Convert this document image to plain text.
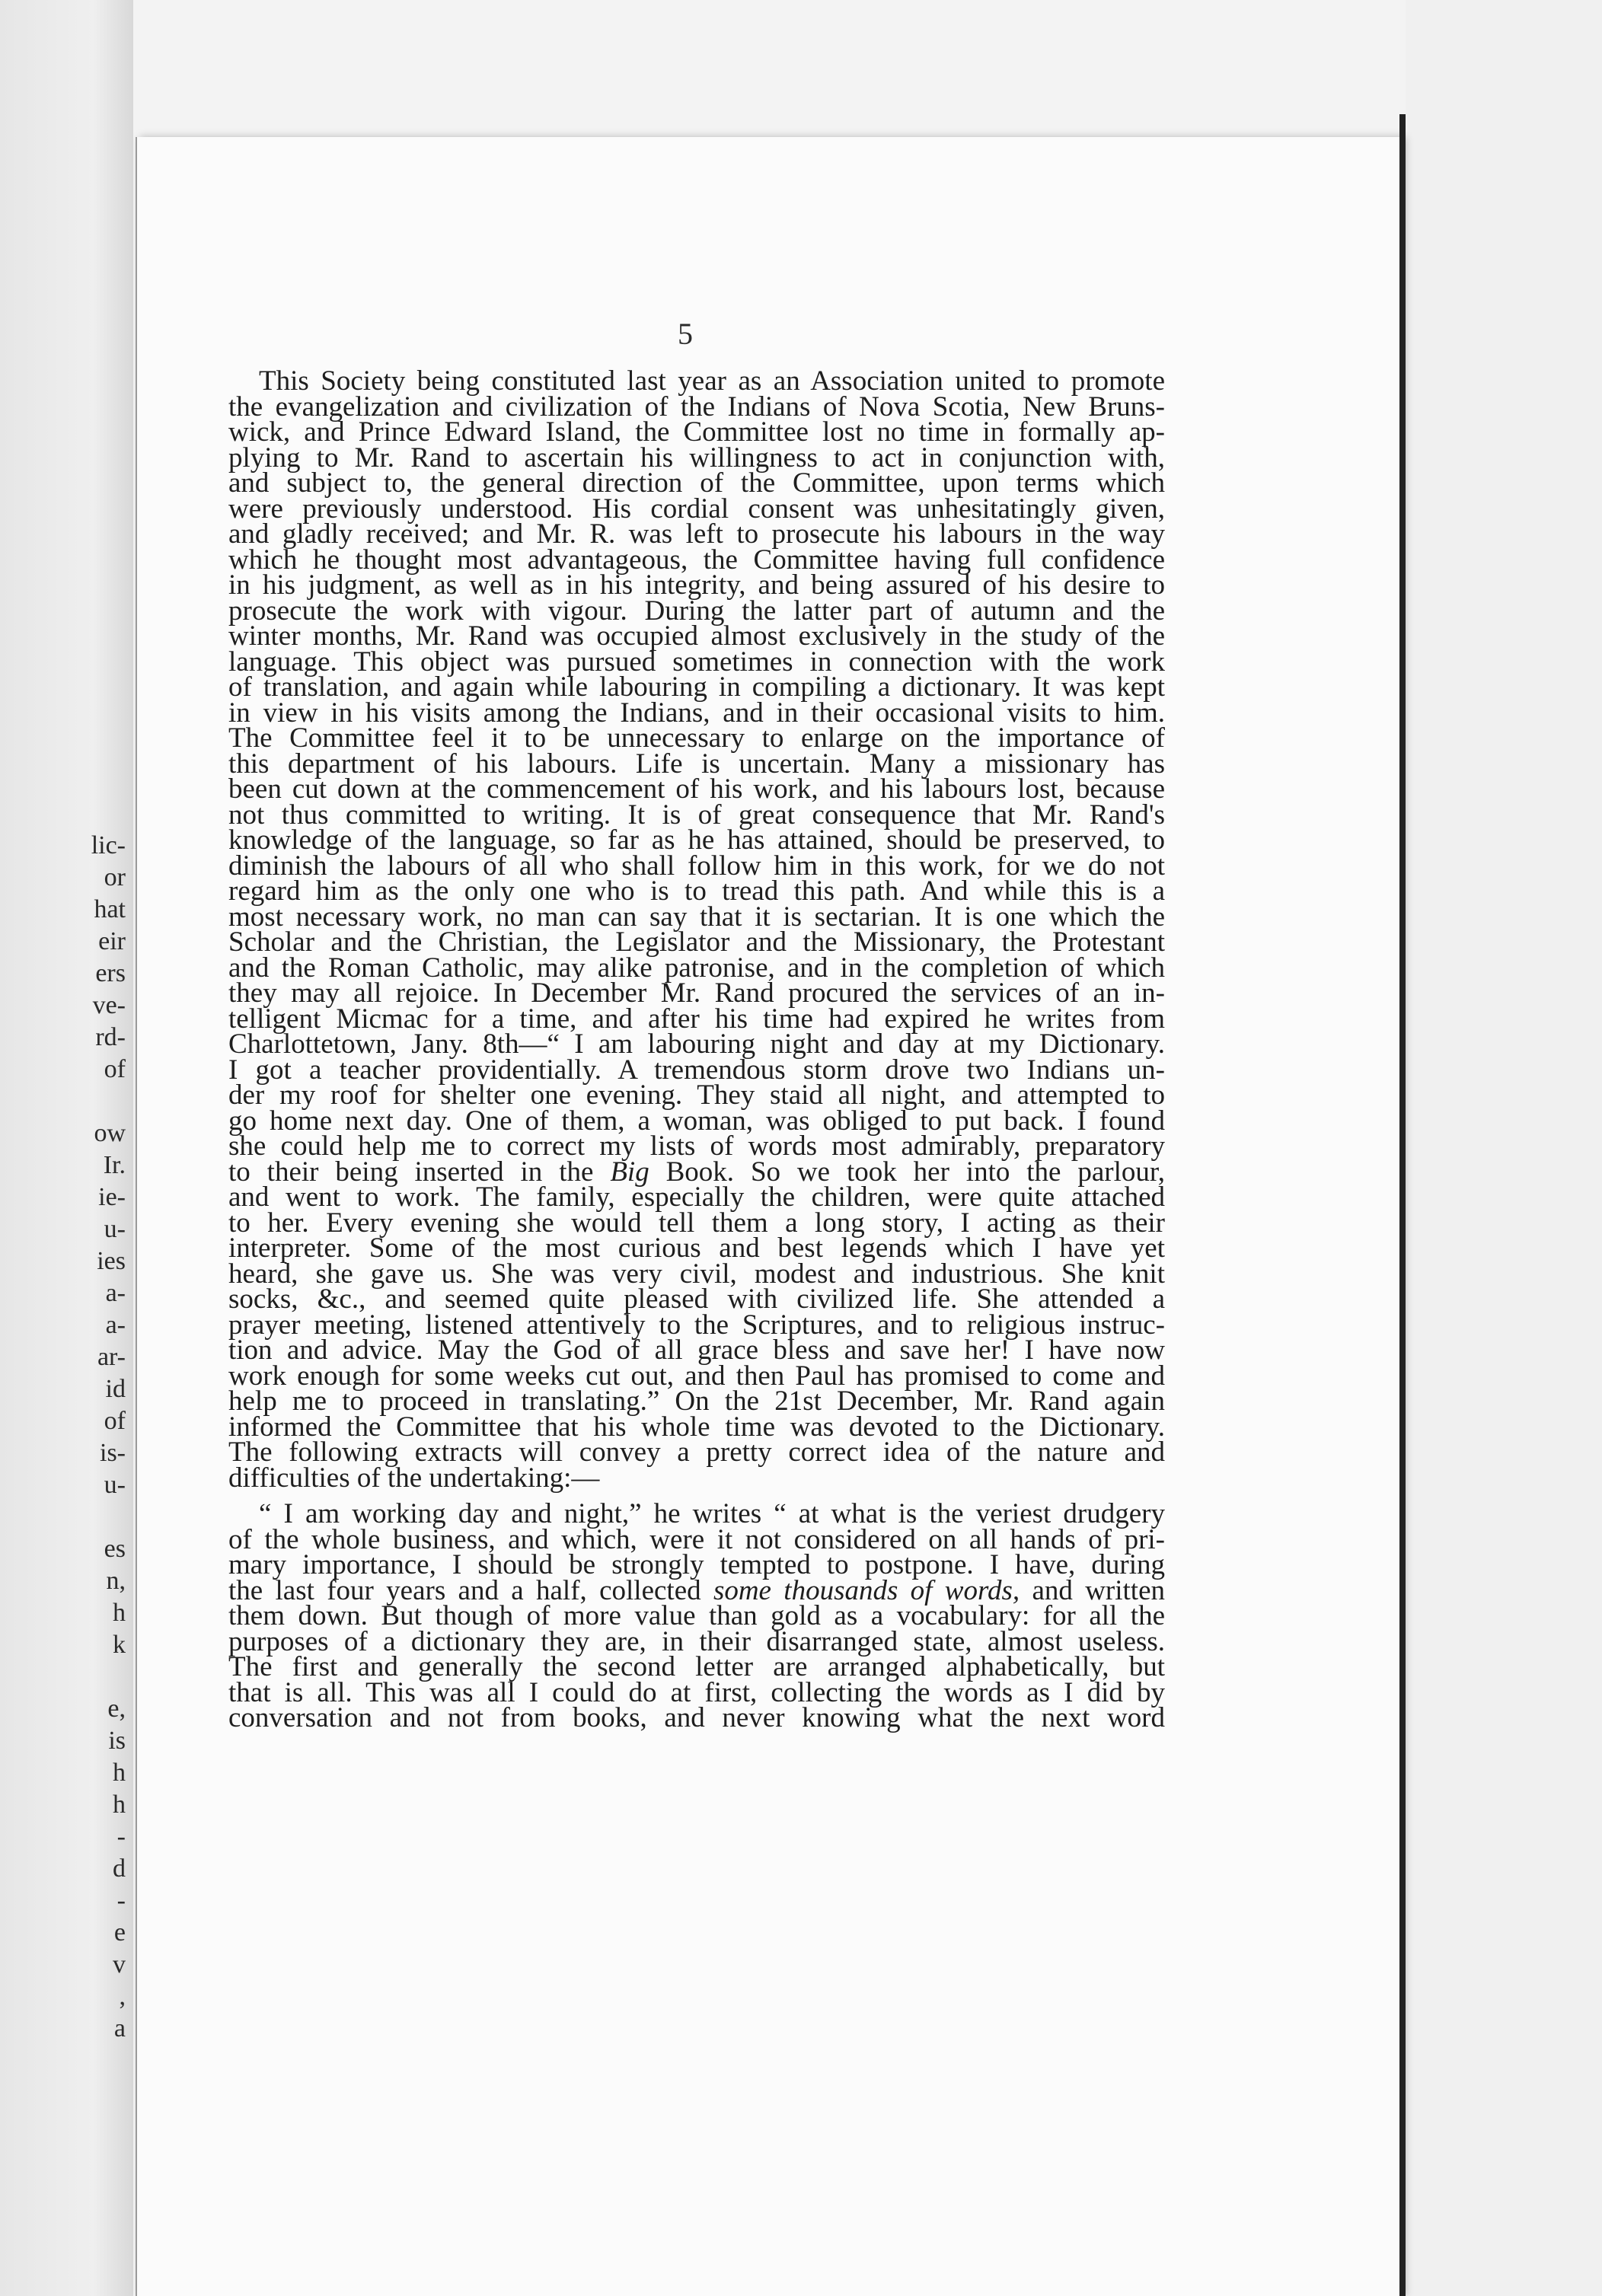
lic-
or
hat
eir
ers
ve-
rd-
of
ow
Ir.
ie-
u-
ies
a-
a-
ar-
id
of
is-
u-
es
n,
h
k
e,
is
h
h
-
d
-
e
v
,
a
5
This Society being constituted last year as an Association united to promote
the evangelization and civilization of the Indians of Nova Scotia, New Bruns-
wick, and Prince Edward Island, the Committee lost no time in formally ap-
plying to Mr. Rand to ascertain his willingness to act in conjunction with,
and subject to, the general direction of the Committee, upon terms which
were previously understood. His cordial consent was unhesitatingly given,
and gladly received; and Mr. R. was left to prosecute his labours in the way
which he thought most advantageous, the Committee having full confidence
in his judgment, as well as in his integrity, and being assured of his desire to
prosecute the work with vigour. During the latter part of autumn and the
winter months, Mr. Rand was occupied almost exclusively in the study of the
language. This object was pursued sometimes in connection with the work
of translation, and again while labouring in compiling a dictionary. It was kept
in view in his visits among the Indians, and in their occasional visits to him.
The Committee feel it to be unnecessary to enlarge on the importance of
this department of his labours. Life is uncertain. Many a missionary has
been cut down at the commencement of his work, and his labours lost, because
not thus committed to writing. It is of great consequence that Mr. Rand's
knowledge of the language, so far as he has attained, should be preserved, to
diminish the labours of all who shall follow him in this work, for we do not
regard him as the only one who is to tread this path. And while this is a
most necessary work, no man can say that it is sectarian. It is one which the
Scholar and the Christian, the Legislator and the Missionary, the Protestant
and the Roman Catholic, may alike patronise, and in the completion of which
they may all rejoice. In December Mr. Rand procured the services of an in-
telligent Micmac for a time, and after his time had expired he writes from
Charlottetown, Jany. 8th—“ I am labouring night and day at my Dictionary.
I got a teacher providentially. A tremendous storm drove two Indians un-
der my roof for shelter one evening. They staid all night, and attempted to
go home next day. One of them, a woman, was obliged to put back. I found
she could help me to correct my lists of words most admirably, preparatory
to their being inserted in the Big Book. So we took her into the parlour,
and went to work. The family, especially the children, were quite attached
to her. Every evening she would tell them a long story, I acting as their
interpreter. Some of the most curious and best legends which I have yet
heard, she gave us. She was very civil, modest and industrious. She knit
socks, &c., and seemed quite pleased with civilized life. She attended a
prayer meeting, listened attentively to the Scriptures, and to religious instruc-
tion and advice. May the God of all grace bless and save her! I have now
work enough for some weeks cut out, and then Paul has promised to come and
help me to proceed in translating.” On the 21st December, Mr. Rand again
informed the Committee that his whole time was devoted to the Dictionary.
The following extracts will convey a pretty correct idea of the nature and
difficulties of the undertaking:—
“ I am working day and night,” he writes “ at what is the veriest drudgery
of the whole business, and which, were it not considered on all hands of pri-
mary importance, I should be strongly tempted to postpone. I have, during
the last four years and a half, collected some thousands of words, and written
them down. But though of more value than gold as a vocabulary: for all the
purposes of a dictionary they are, in their disarranged state, almost useless.
The first and generally the second letter are arranged alphabetically, but
that is all. This was all I could do at first, collecting the words as I did by
conversation and not from books, and never knowing what the next word
